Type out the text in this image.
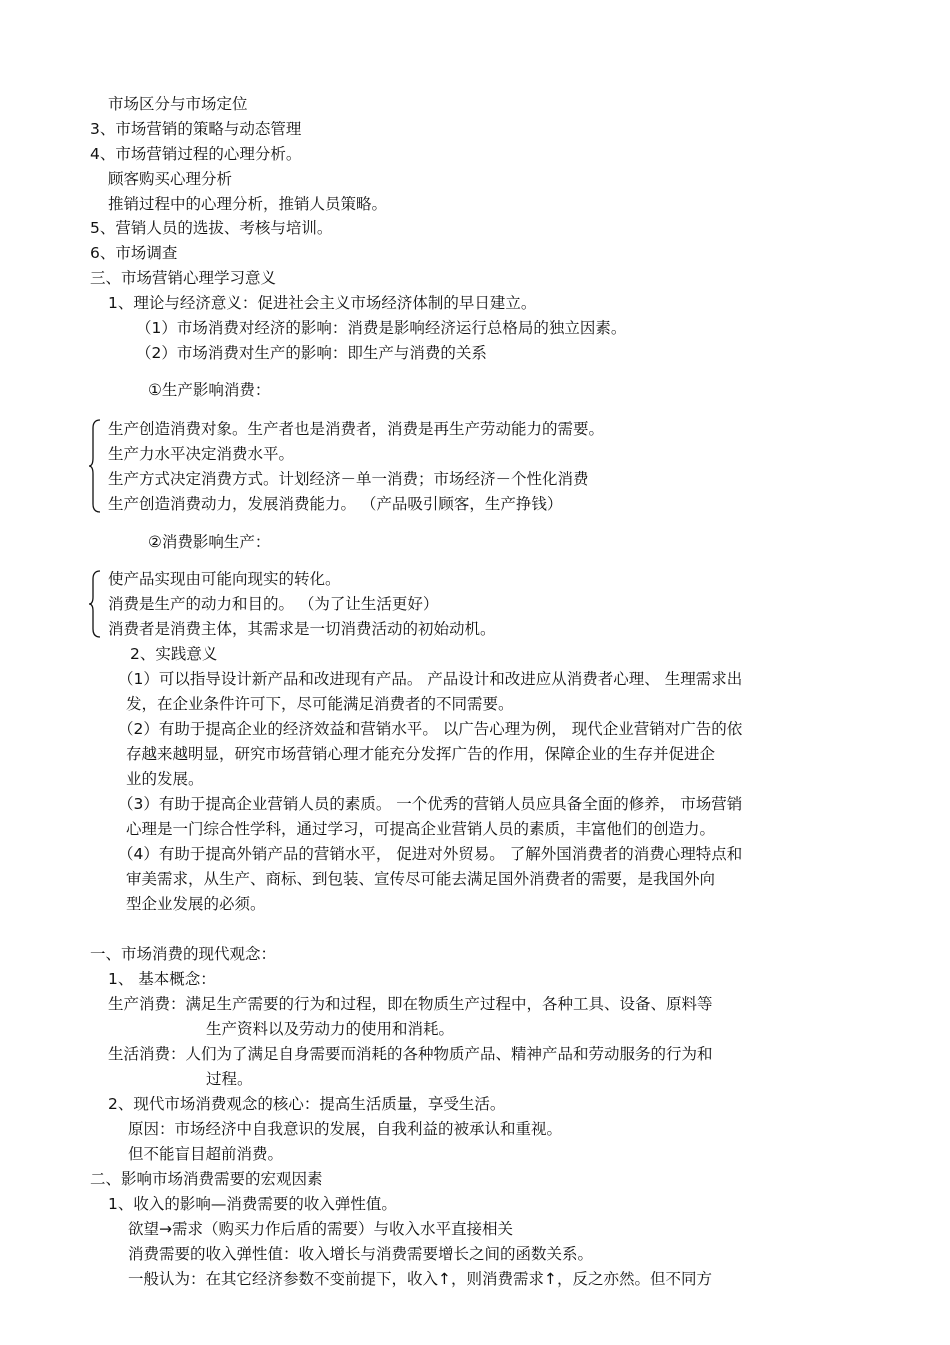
市场区分与市场定位
3、市场营销的策略与动态管理
4、市场营销过程的心理分析。
顾客购买心理分析
推销过程中的心理分析，推销人员策略。
5、营销人员的选拔、考核与培训。
6、市场调查
三、市场营销心理学习意义
1、理论与经济意义：促进社会主义市场经济体制的早日建立。
（1）市场消费对经济的影响：消费是影响经济运行总格局的独立因素。
（2）市场消费对生产的影响：即生产与消费的关系
①生产影响消费：
生产创造消费对象。生产者也是消费者，消费是再生产劳动能力的需要。
生产力水平决定消费水平。
生产方式决定消费方式。计划经济－单一消费；市场经济－个性化消费
生产创造消费动力，发展消费能力。 （产品吸引顾客，生产挣钱）
②消费影响生产：
使产品实现由可能向现实的转化。
消费是生产的动力和目的。 （为了让生活更好）
消费者是消费主体，其需求是一切消费活动的初始动机。
2、实践意义
（1）可以指导设计新产品和改进现有产品。 产品设计和改进应从消费者心理、 生理需求出
发，在企业条件许可下，尽可能满足消费者的不同需要。
（2）有助于提高企业的经济效益和营销水平。 以广告心理为例， 现代企业营销对广告的依
存越来越明显，研究市场营销心理才能充分发挥广告的作用，保障企业的生存并促进企
业的发展。
（3）有助于提高企业营销人员的素质。 一个优秀的营销人员应具备全面的修养， 市场营销
心理是一门综合性学科，通过学习，可提高企业营销人员的素质，丰富他们的创造力。
（4）有助于提高外销产品的营销水平， 促进对外贸易。 了解外国消费者的消费心理特点和
审美需求，从生产、商标、到包装、宣传尽可能去满足国外消费者的需要，是我国外向
型企业发展的必须。
一、市场消费的现代观念：
1、 基本概念：
生产消费：满足生产需要的行为和过程，即在物质生产过程中，各种工具、设备、原料等
生产资料以及劳动力的使用和消耗。
生活消费：人们为了满足自身需要而消耗的各种物质产品、精神产品和劳动服务的行为和
过程。
2、现代市场消费观念的核心：提高生活质量，享受生活。
原因：市场经济中自我意识的发展，自我利益的被承认和重视。
但不能盲目超前消费。
二、影响市场消费需要的宏观因素
1、收入的影响—消费需要的收入弹性值。
欲望→需求（购买力作后盾的需要）与收入水平直接相关
消费需要的收入弹性值：收入增长与消费需要增长之间的函数关系。
一般认为：在其它经济参数不变前提下，收入↑，则消费需求↑，反之亦然。但不同方
